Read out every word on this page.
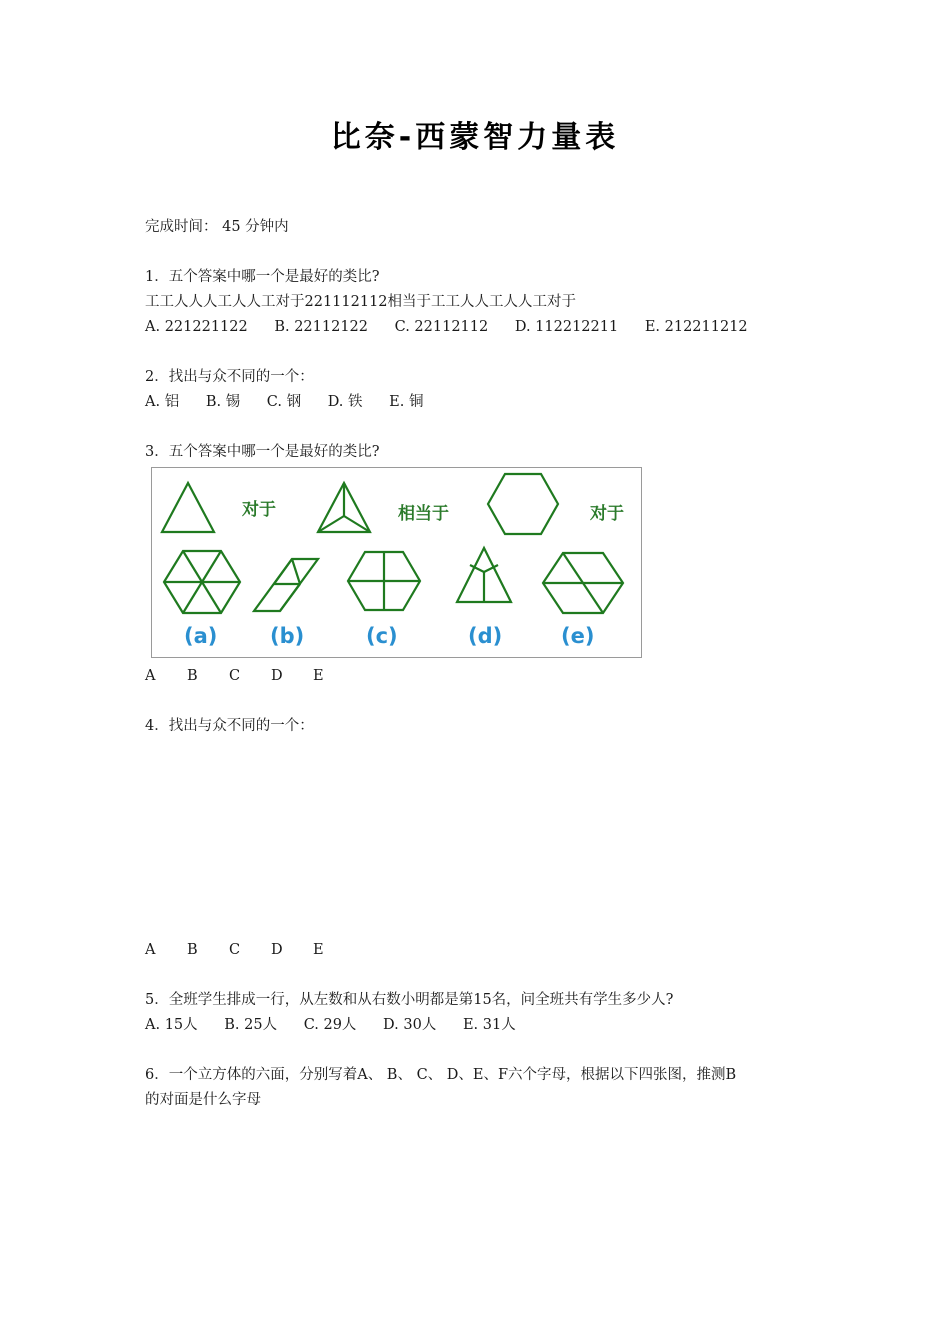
比奈-西蒙智力量表
完成时间： 45 分钟内
1．五个答案中哪一个是最好的类比?
工工人人人工人人工对于221112112相当于工工人人工人人工对于
A. 221221122 B. 22112122 C. 22112112 D. 112212211 E. 212211212
2．找出与众不同的一个：
A. 铝 B. 锡 C. 钢 D. 铁 E. 铜
3．五个答案中哪一个是最好的类比?
对于	相当于	对于
(a)	(b)	(c)	(d)	(e)
A B C D E
4．找出与众不同的一个：
A B C D E
5．全班学生排成一行，从左数和从右数小明都是第15名，问全班共有学生多少人?
A. 15人 B. 25人 C. 29人 D. 30人 E. 31人
6．一个立方体的六面，分别写着A、 B、 C、 D、E、F六个字母，根据以下四张图，推测B
的对面是什么字母
